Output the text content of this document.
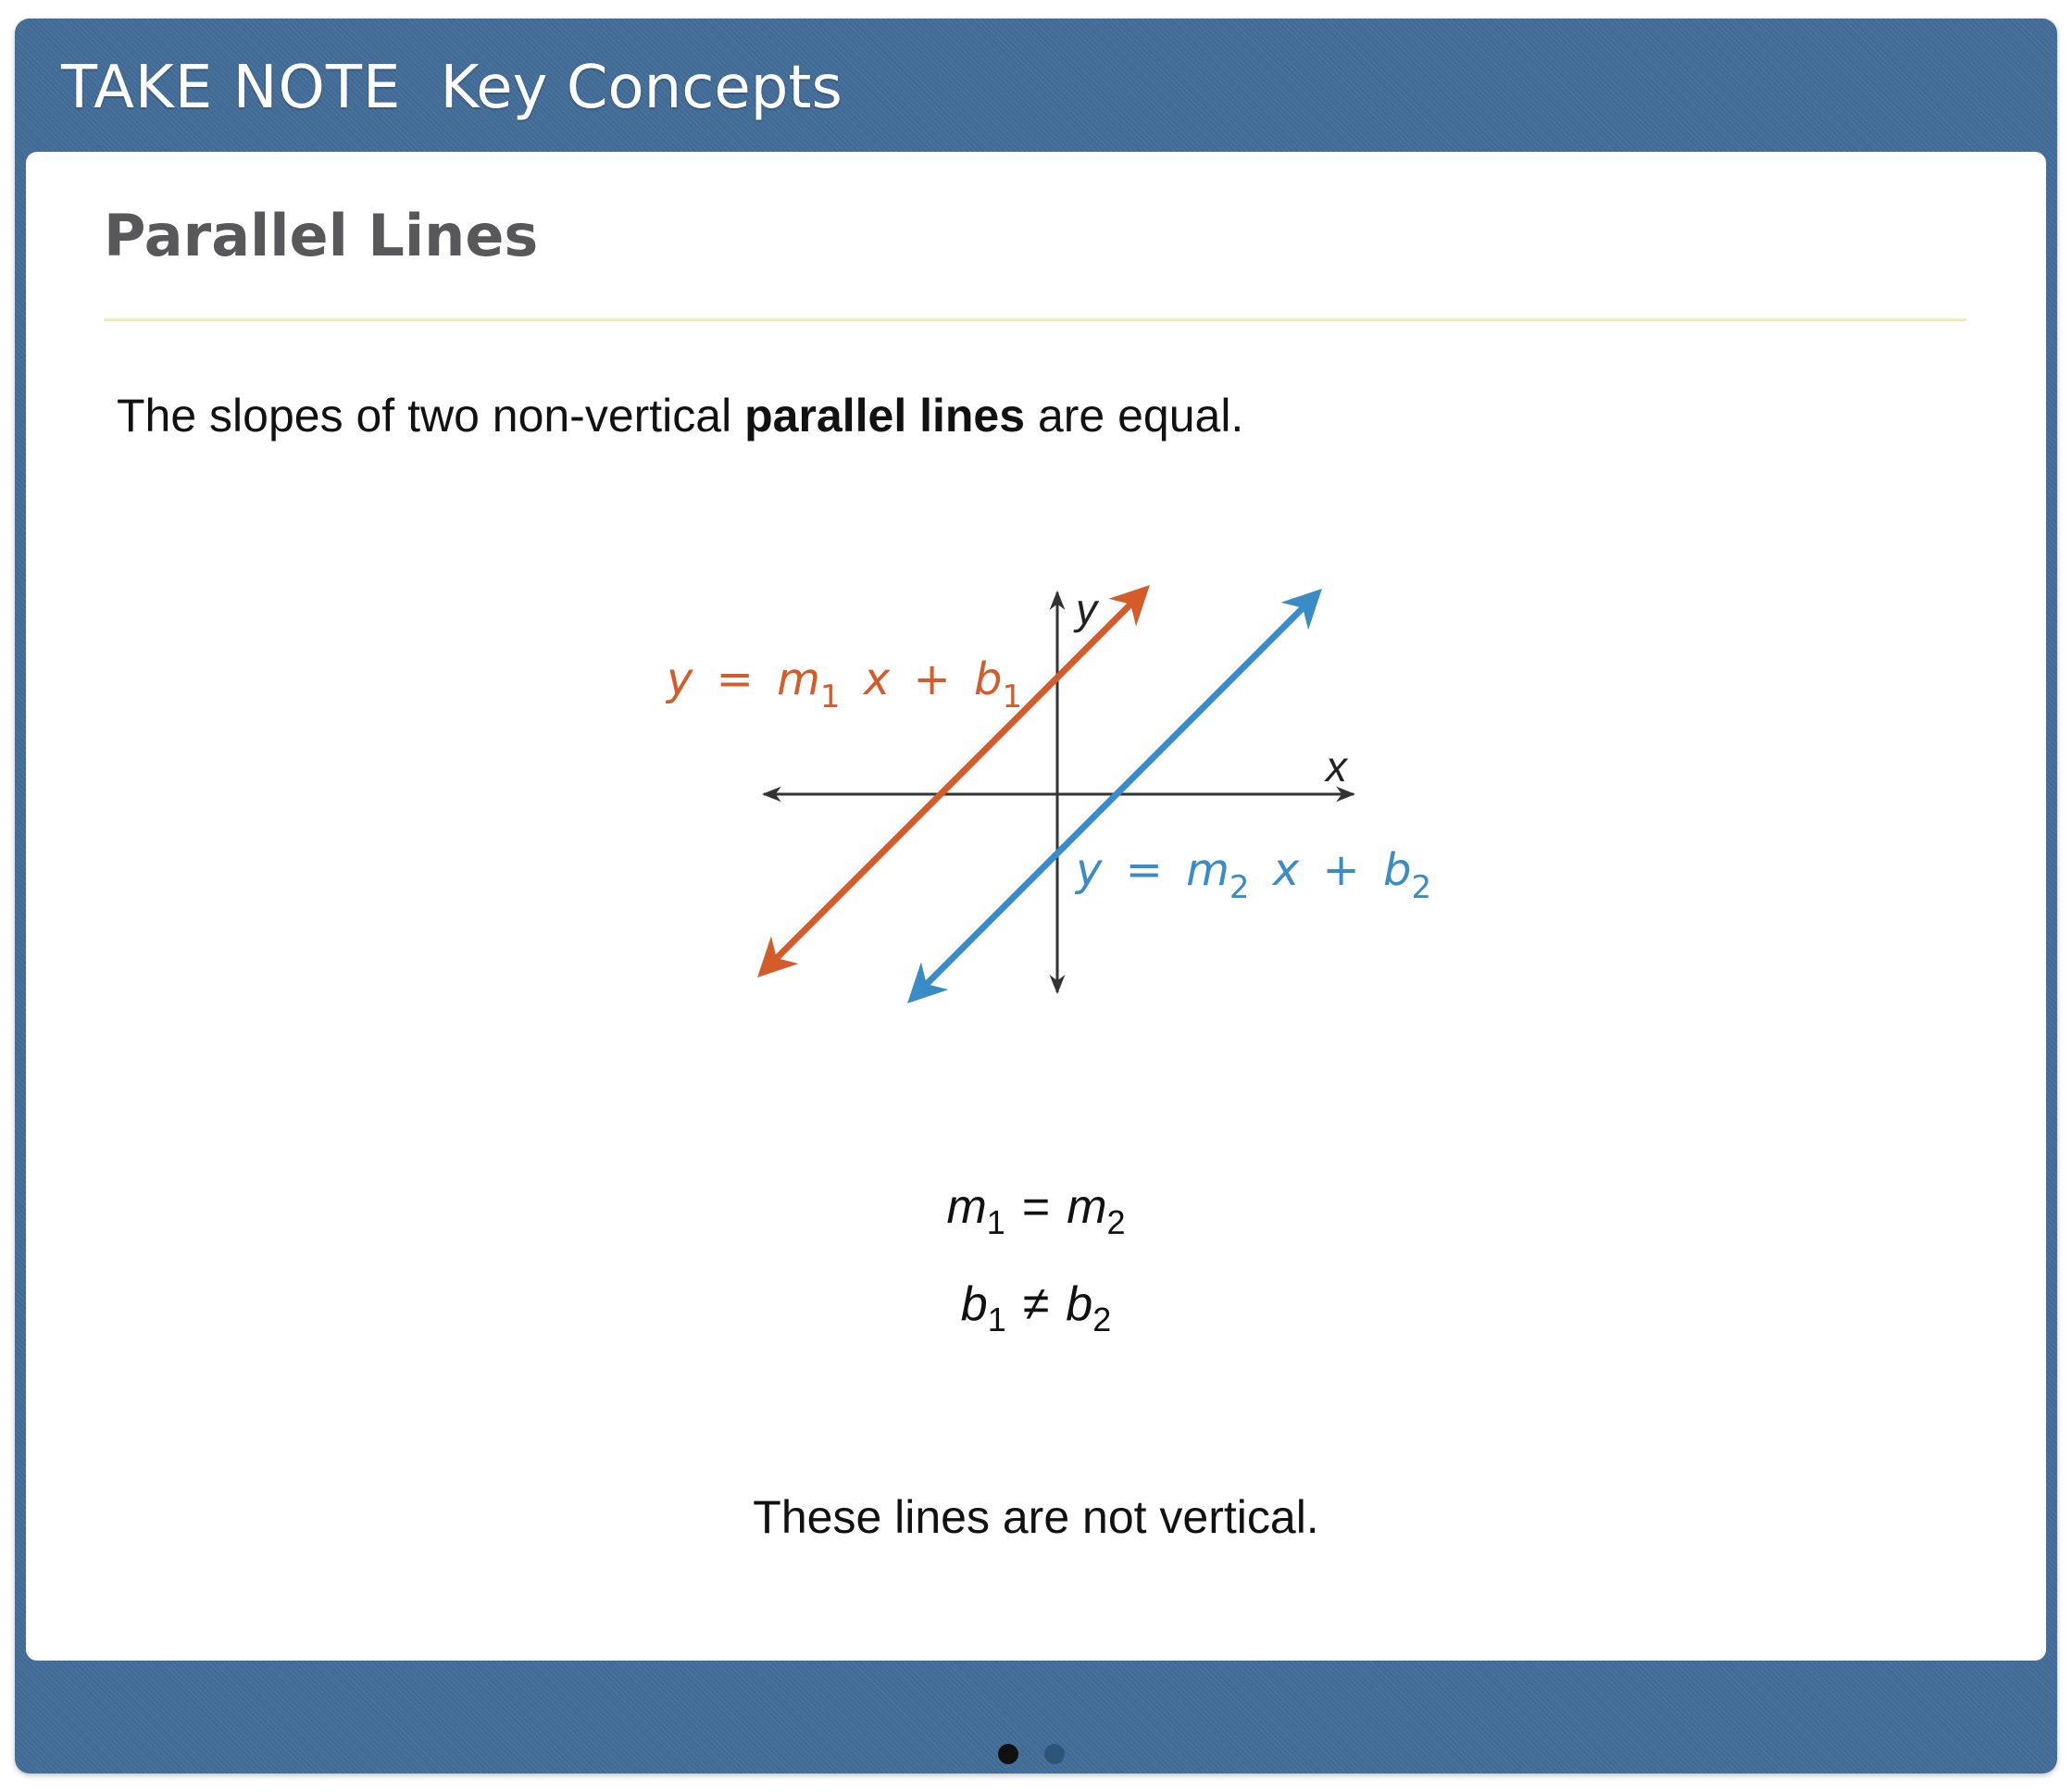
TAKE NOTE Key Concepts
Parallel Lines
The slopes of two non-vertical parallel lines are equal.
x
y
$y = m_1$ $x + b_1$
$y = m_2$ $x + b_2$
$m_1 = m_2$
$b_1 \ne b_2$
These lines are not vertical.
